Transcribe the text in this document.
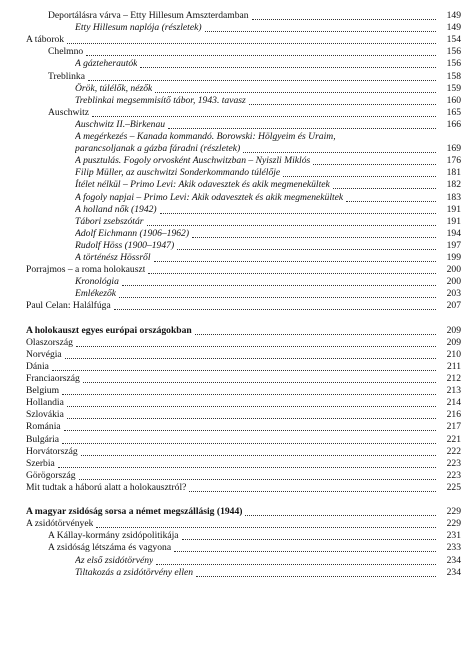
Deportálásra várva – Etty Hillesum Amszterdamban	149
Etty Hillesum naplója (részletek)	149
A táborok	154
Chelmno	156
A gázteherautók	156
Treblinka	158
Őrök, túlélők, nézők	159
Treblinkai megsemmisítő tábor, 1943. tavasz	160
Auschwitz	165
Auschwitz II.–Birkenau	166
A megérkezés – Kanada kommandó. Borowski: Hölgyeim és Uraim,
parancsoljanak a gázba fáradni (részletek)	169
A pusztulás. Fogoly orvosként Auschwitzban – Nyiszli Miklós	176
Filip Müller, az auschwitzi Sonderkommando túlélője	181
Ítélet nélkül – Primo Levi: Akik odavesztek és akik megmenekültek	182
A fogoly napjai – Primo Levi: Akik odavesztek és akik megmenekültek	183
A holland nők (1942)	191
Tábori zsebszótár	191
Adolf Eichmann (1906–1962)	194
Rudolf Höss (1900–1947)	197
A történész Hössről	199
Porrajmos – a roma holokauszt	200
Kronológia	200
Emlékezők	203
Paul Celan: Halálfúga	207
A holokauszt egyes európai országokban	209
Olaszország	209
Norvégia	210
Dánia	211
Franciaország	212
Belgium	213
Hollandia	214
Szlovákia	216
Románia	217
Bulgária	221
Horvátország	222
Szerbia	223
Görögország	223
Mit tudtak a háború alatt a holokausztról?	225
A magyar zsidóság sorsa a német megszállásig (1944)	229
A zsidótörvények	229
A Kállay-kormány zsidópolitikája	231
A zsidóság létszáma és vagyona	233
Az első zsidótörvény	234
Tiltakozás a zsidótörvény ellen	234
